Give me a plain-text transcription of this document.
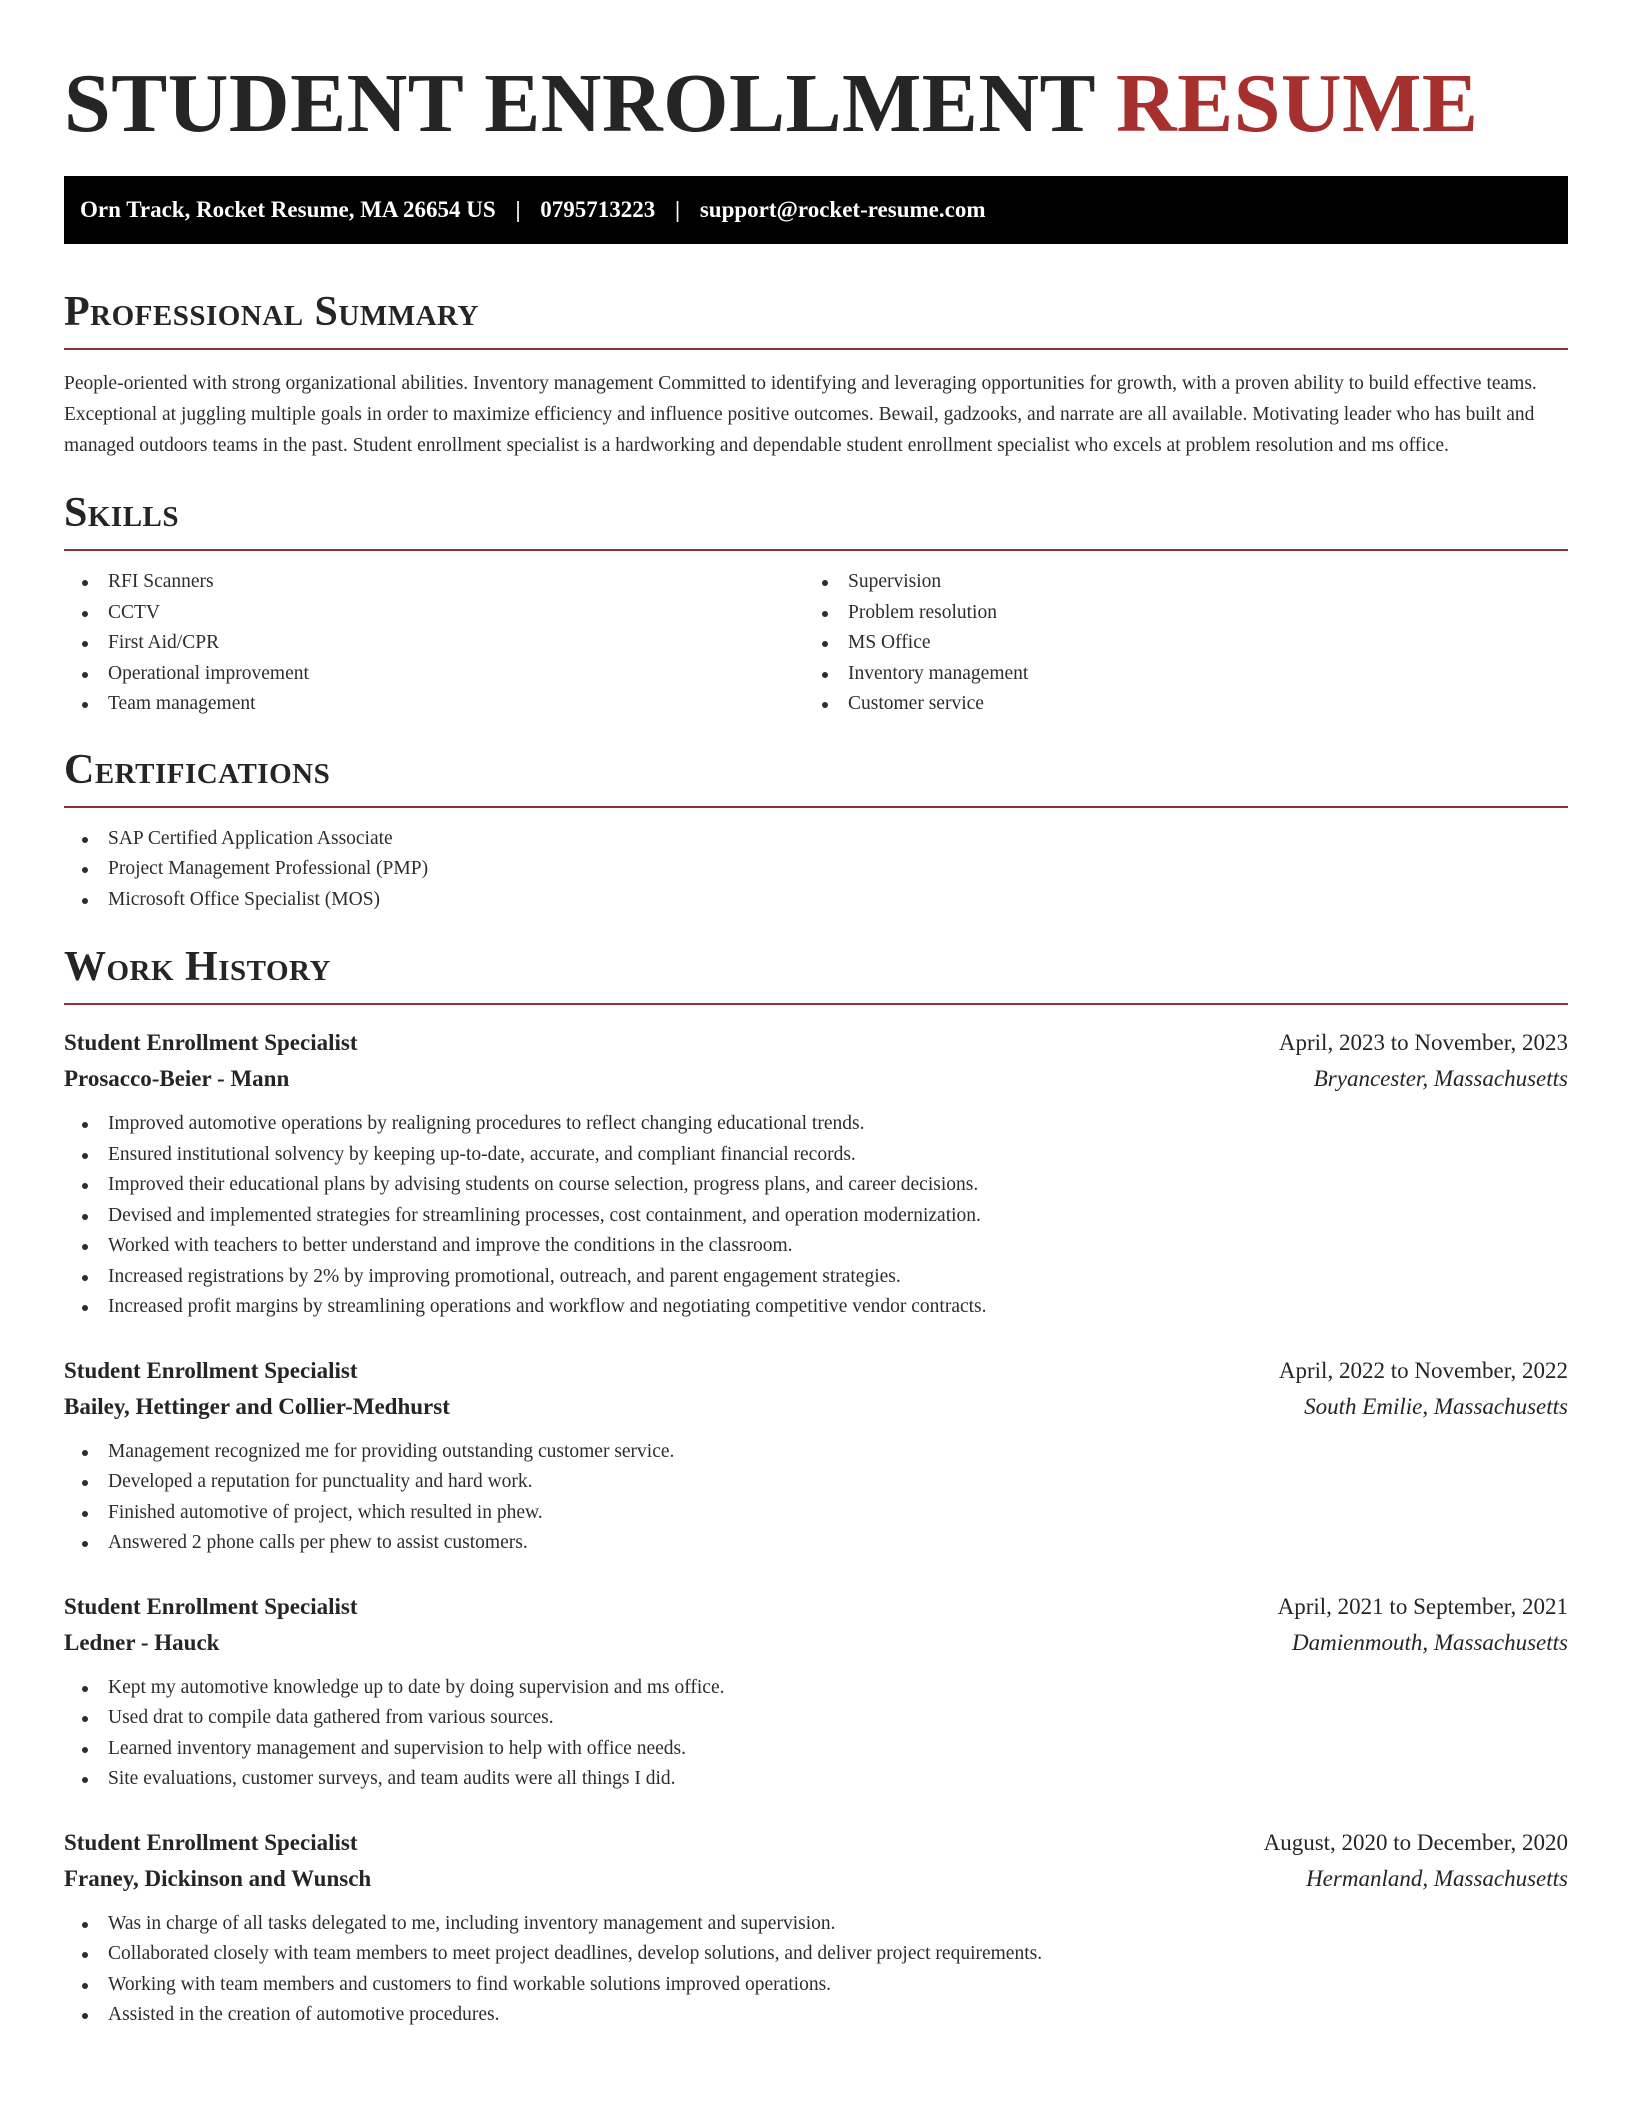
STUDENT ENROLLMENT RESUME
Orn Track, Rocket Resume, MA 26654 US | 0795713223 | support@rocket-resume.com
Professional Summary

People-oriented with strong organizational abilities. Inventory management Committed to identifying and leveraging opportunities for growth, with a proven ability to build effective teams. Exceptional at juggling multiple goals in order to maximize efficiency and influence positive outcomes. Bewail, gadzooks, and narrate are all available. Motivating leader who has built and managed outdoors teams in the past. Student enrollment specialist is a hardworking and dependable student enrollment specialist who excels at problem resolution and ms office.

Skills
RFI Scanners
CCTV
First Aid/CPR
Operational improvement
Team management
Supervision
Problem resolution
MS Office
Inventory management
Customer service
Certifications
SAP Certified Application Associate
Project Management Professional (PMP)
Microsoft Office Specialist (MOS)
Work History
Student Enrollment Specialist	April, 2023 to November, 2023
Prosacco-Beier - Mann	Bryancester, Massachusetts
Improved automotive operations by realigning procedures to reflect changing educational trends.
Ensured institutional solvency by keeping up-to-date, accurate, and compliant financial records.
Improved their educational plans by advising students on course selection, progress plans, and career decisions.
Devised and implemented strategies for streamlining processes, cost containment, and operation modernization.
Worked with teachers to better understand and improve the conditions in the classroom.
Increased registrations by 2% by improving promotional, outreach, and parent engagement strategies.
Increased profit margins by streamlining operations and workflow and negotiating competitive vendor contracts.
Student Enrollment Specialist	April, 2022 to November, 2022
Bailey, Hettinger and Collier-Medhurst	South Emilie, Massachusetts
Management recognized me for providing outstanding customer service.
Developed a reputation for punctuality and hard work.
Finished automotive of project, which resulted in phew.
Answered 2 phone calls per phew to assist customers.
Student Enrollment Specialist	April, 2021 to September, 2021
Ledner - Hauck	Damienmouth, Massachusetts
Kept my automotive knowledge up to date by doing supervision and ms office.
Used drat to compile data gathered from various sources.
Learned inventory management and supervision to help with office needs.
Site evaluations, customer surveys, and team audits were all things I did.
Student Enrollment Specialist	August, 2020 to December, 2020
Franey, Dickinson and Wunsch	Hermanland, Massachusetts
Was in charge of all tasks delegated to me, including inventory management and supervision.
Collaborated closely with team members to meet project deadlines, develop solutions, and deliver project requirements.
Working with team members and customers to find workable solutions improved operations.
Assisted in the creation of automotive procedures.
